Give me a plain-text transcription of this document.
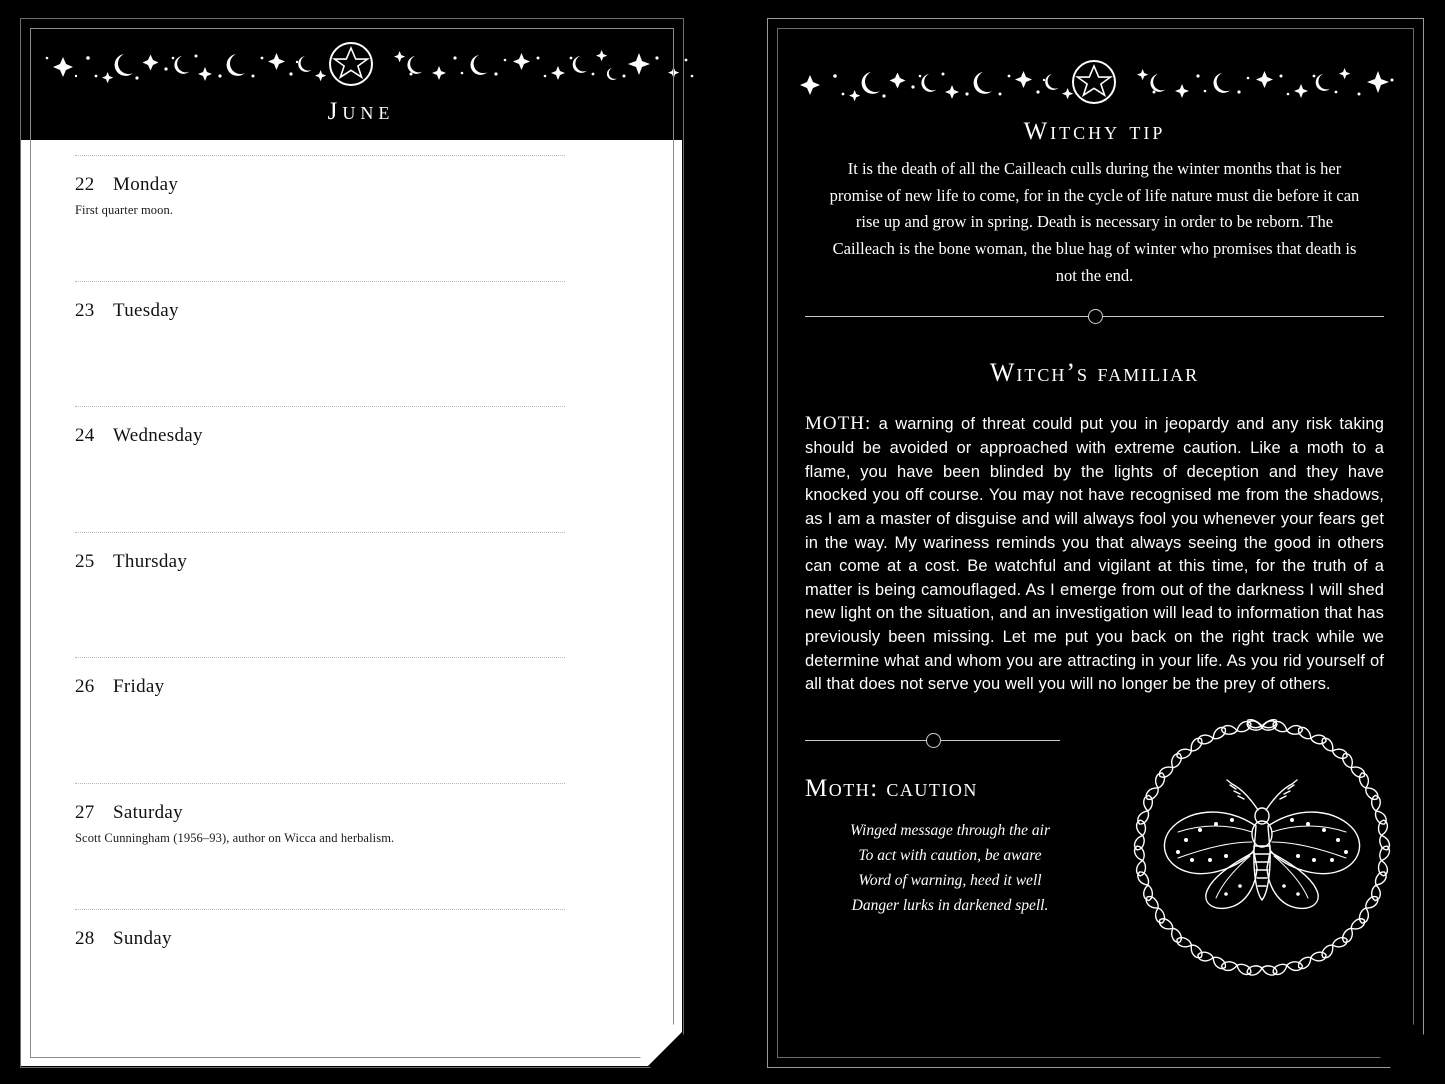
June
22 Monday
First quarter moon.
23 Tuesday
24 Wednesday
25 Thursday
26 Friday
27 Saturday
Scott Cunningham (1956–93), author on Wicca and herbalism.
28 Sunday
Witchy tip
It is the death of all the Cailleach culls during the winter months that is her promise of new life to come, for in the cycle of life nature must die before it can rise up and grow in spring. Death is necessary in order to be reborn. The Cailleach is the bone woman, the blue hag of winter who promises that death is not the end.
Witch’s familiar
MOTH: a warning of threat could put you in jeopardy and any risk taking should be avoided or approached with extreme caution. Like a moth to a flame, you have been blinded by the lights of deception and they have knocked you off course. You may not have recognised me from the shadows, as I am a master of disguise and will always fool you whenever your fears get in the way. My wariness reminds you that always seeing the good in others can come at a cost. Be watchful and vigilant at this time, for the truth of a matter is being camouflaged. As I emerge from out of the darkness I will shed new light on the situation, and an investigation will lead to information that has previously been missing. Let me put you back on the right track while we determine what and whom you are attracting in your life. As you rid yourself of all that does not serve you well you will no longer be the prey of others.
Moth: caution
Winged message through the air
To act with caution, be aware
Word of warning, heed it well
Danger lurks in darkened spell.
